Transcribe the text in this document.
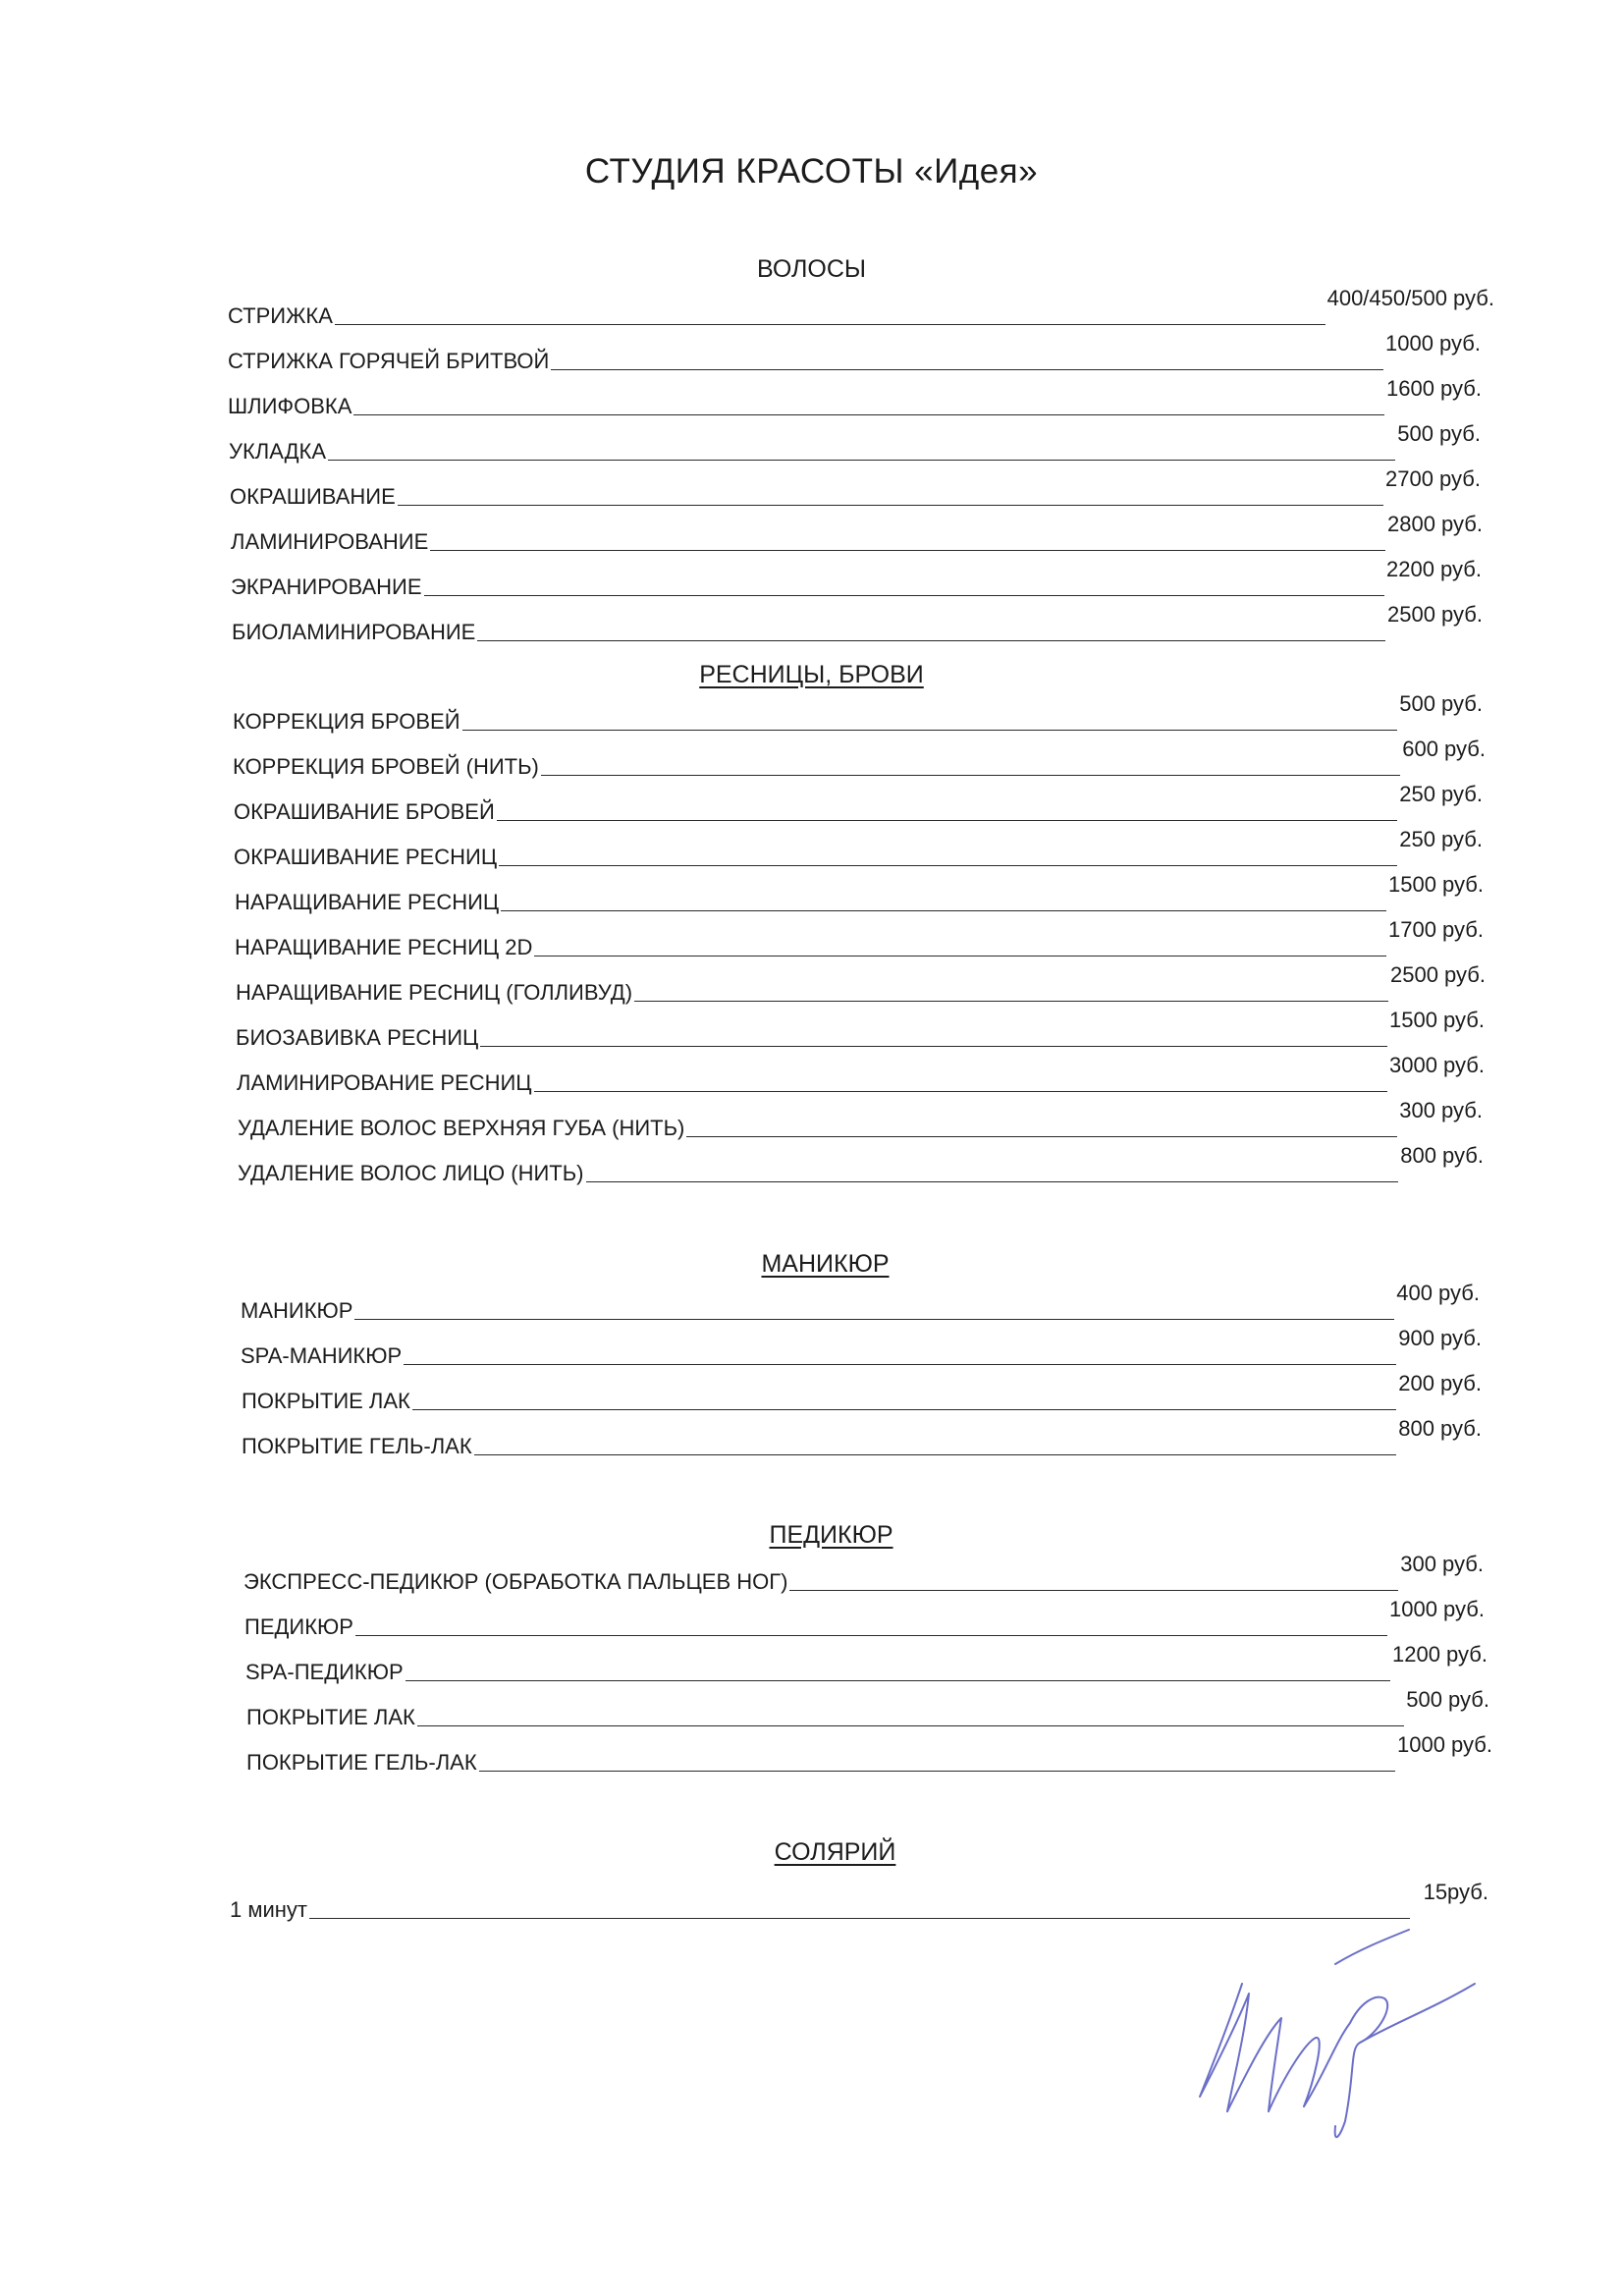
СТУДИЯ КРАСОТЫ «Идея»
ВОЛОСЫ
СТРИЖКА
400/450/500 руб.
СТРИЖКА ГОРЯЧЕЙ БРИТВОЙ
1000 руб.
ШЛИФОВКА
1600 руб.
УКЛАДКА
500 руб.
ОКРАШИВАНИЕ
2700 руб.
ЛАМИНИРОВАНИЕ
2800 руб.
ЭКРАНИРОВАНИЕ
2200 руб.
БИОЛАМИНИРОВАНИЕ
2500 руб.
РЕСНИЦЫ, БРОВИ
КОРРЕКЦИЯ БРОВЕЙ
500 руб.
КОРРЕКЦИЯ БРОВЕЙ (НИТЬ)
600 руб.
ОКРАШИВАНИЕ БРОВЕЙ
250 руб.
ОКРАШИВАНИЕ РЕСНИЦ
250 руб.
НАРАЩИВАНИЕ РЕСНИЦ
1500 руб.
НАРАЩИВАНИЕ РЕСНИЦ 2D
1700 руб.
НАРАЩИВАНИЕ РЕСНИЦ (ГОЛЛИВУД)
2500 руб.
БИОЗАВИВКА РЕСНИЦ
1500 руб.
ЛАМИНИРОВАНИЕ РЕСНИЦ
3000 руб.
УДАЛЕНИЕ ВОЛОС ВЕРХНЯЯ ГУБА (НИТЬ)
300 руб.
УДАЛЕНИЕ ВОЛОС ЛИЦО (НИТЬ)
800 руб.
МАНИКЮР
МАНИКЮР
400 руб.
SPA-МАНИКЮР
900 руб.
ПОКРЫТИЕ ЛАК
200 руб.
ПОКРЫТИЕ ГЕЛЬ-ЛАК
800 руб.
ПЕДИКЮР
ЭКСПРЕСС-ПЕДИКЮР (ОБРАБОТКА ПАЛЬЦЕВ НОГ)
300 руб.
ПЕДИКЮР
1000 руб.
SPA-ПЕДИКЮР
1200 руб.
ПОКРЫТИЕ ЛАК
500 руб.
ПОКРЫТИЕ ГЕЛЬ-ЛАК
1000 руб.
СОЛЯРИЙ
1 минут
15руб.
